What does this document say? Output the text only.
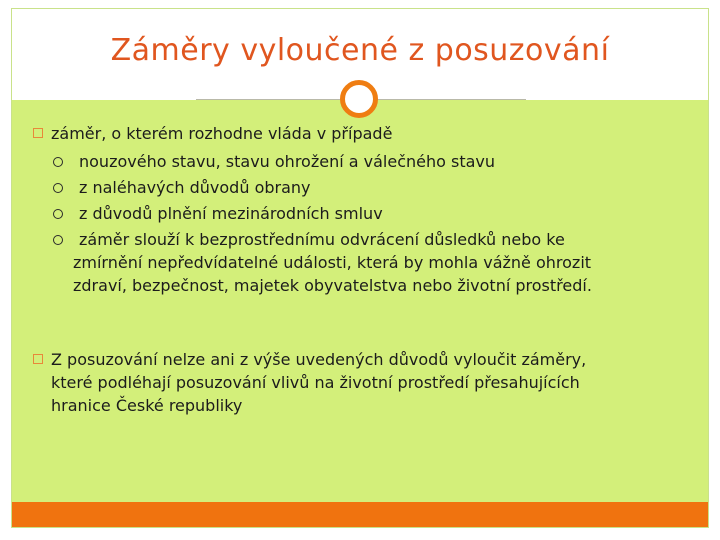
Záměry vyloučené z posuzování
záměr, o kterém rozhodne vláda v případě
nouzového stavu, stavu ohrožení a válečného stavu
z naléhavých důvodů obrany
z důvodů plnění mezinárodních smluv
záměr slouží k bezprostřednímu odvrácení důsledků nebo ke
zmírnění nepředvídatelné události, která by mohla vážně ohrozit
zdraví, bezpečnost, majetek obyvatelstva nebo životní prostředí.
Z posuzování nelze ani z výše uvedených důvodů vyloučit záměry,
které podléhají posuzování vlivů na životní prostředí přesahujících
hranice České republiky
